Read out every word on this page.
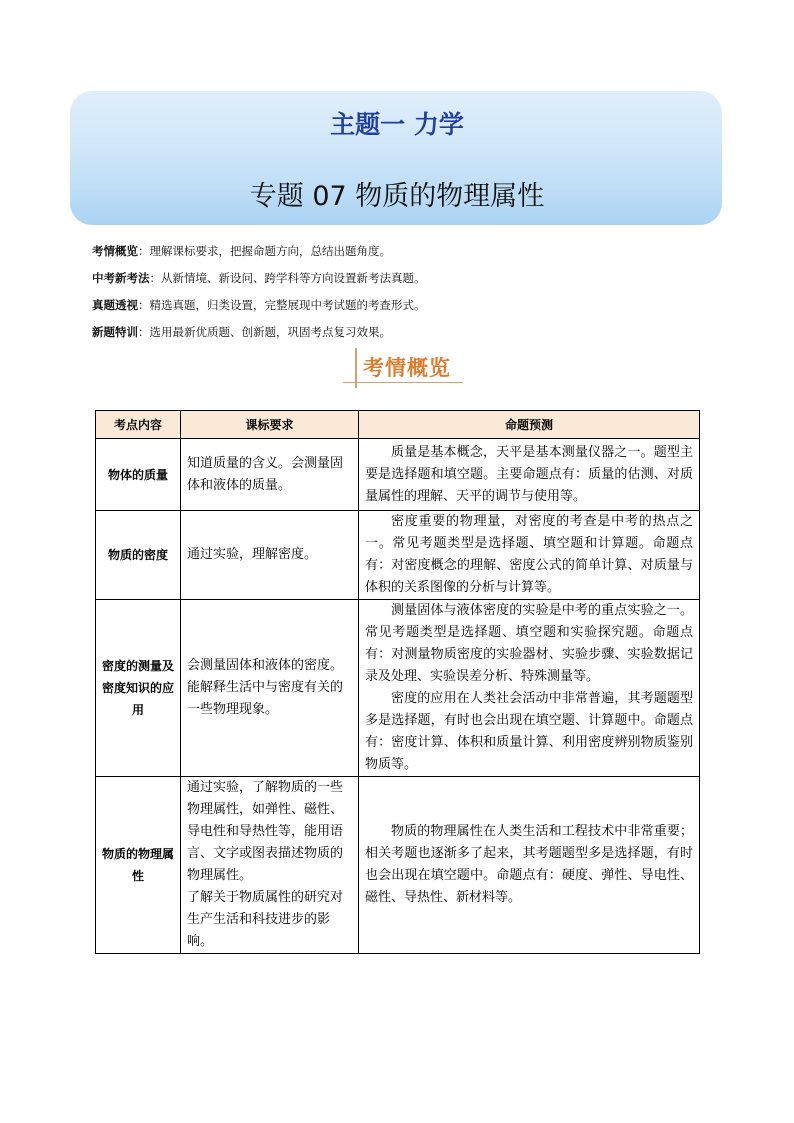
主题一 力学
专题 07 物质的物理属性
考情概览：理解课标要求，把握命题方向，总结出题角度。
中考新考法：从新情境、新设问、跨学科等方向设置新考法真题。
真题透视：精选真题，归类设置，完整展现中考试题的考查形式。
新题特训：选用最新优质题、创新题，巩固考点复习效果。
考情概览
考点内容	课标要求	命题预测
物体的质量	知道质量的含义。会测量固体和液体的质量。	质量是基本概念，天平是基本测量仪器之一。题型主要是选择题和填空题。主要命题点有：质量的估测、对质量属性的理解、天平的调节与使用等。

物质的密度	通过实验，理解密度。	密度重要的物理量，对密度的考查是中考的热点之一。常见考题类型是选择题、填空题和计算题。命题点有：对密度概念的理解、密度公式的简单计算、对质量与体积的关系图像的分析与计算等。

密度的测量及密度知识的应用	会测量固体和液体的密度。能解释生活中与密度有关的一些物理现象。	测量固体与液体密度的实验是中考的重点实验之一。常见考题类型是选择题、填空题和实验探究题。命题点有：对测量物质密度的实验器材、实验步骤、实验数据记录及处理、实验误差分析、特殊测量等。
密度的应用在人类社会活动中非常普遍，其考题题型多是选择题，有时也会出现在填空题、计算题中。命题点有：密度计算、体积和质量计算、利用密度辨别物质鉴别物质等。

物质的物理属性	通过实验，了解物质的一些物理属性，如弹性、磁性、导电性和导热性等，能用语言、文字或图表描述物质的物理属性。
了解关于物质属性的研究对生产生活和科技进步的影响。	物质的物理属性在人类生活和工程技术中非常重要；相关考题也逐渐多了起来，其考题题型多是选择题，有时也会出现在填空题中。命题点有：硬度、弹性、导电性、磁性、导热性、新材料等。
